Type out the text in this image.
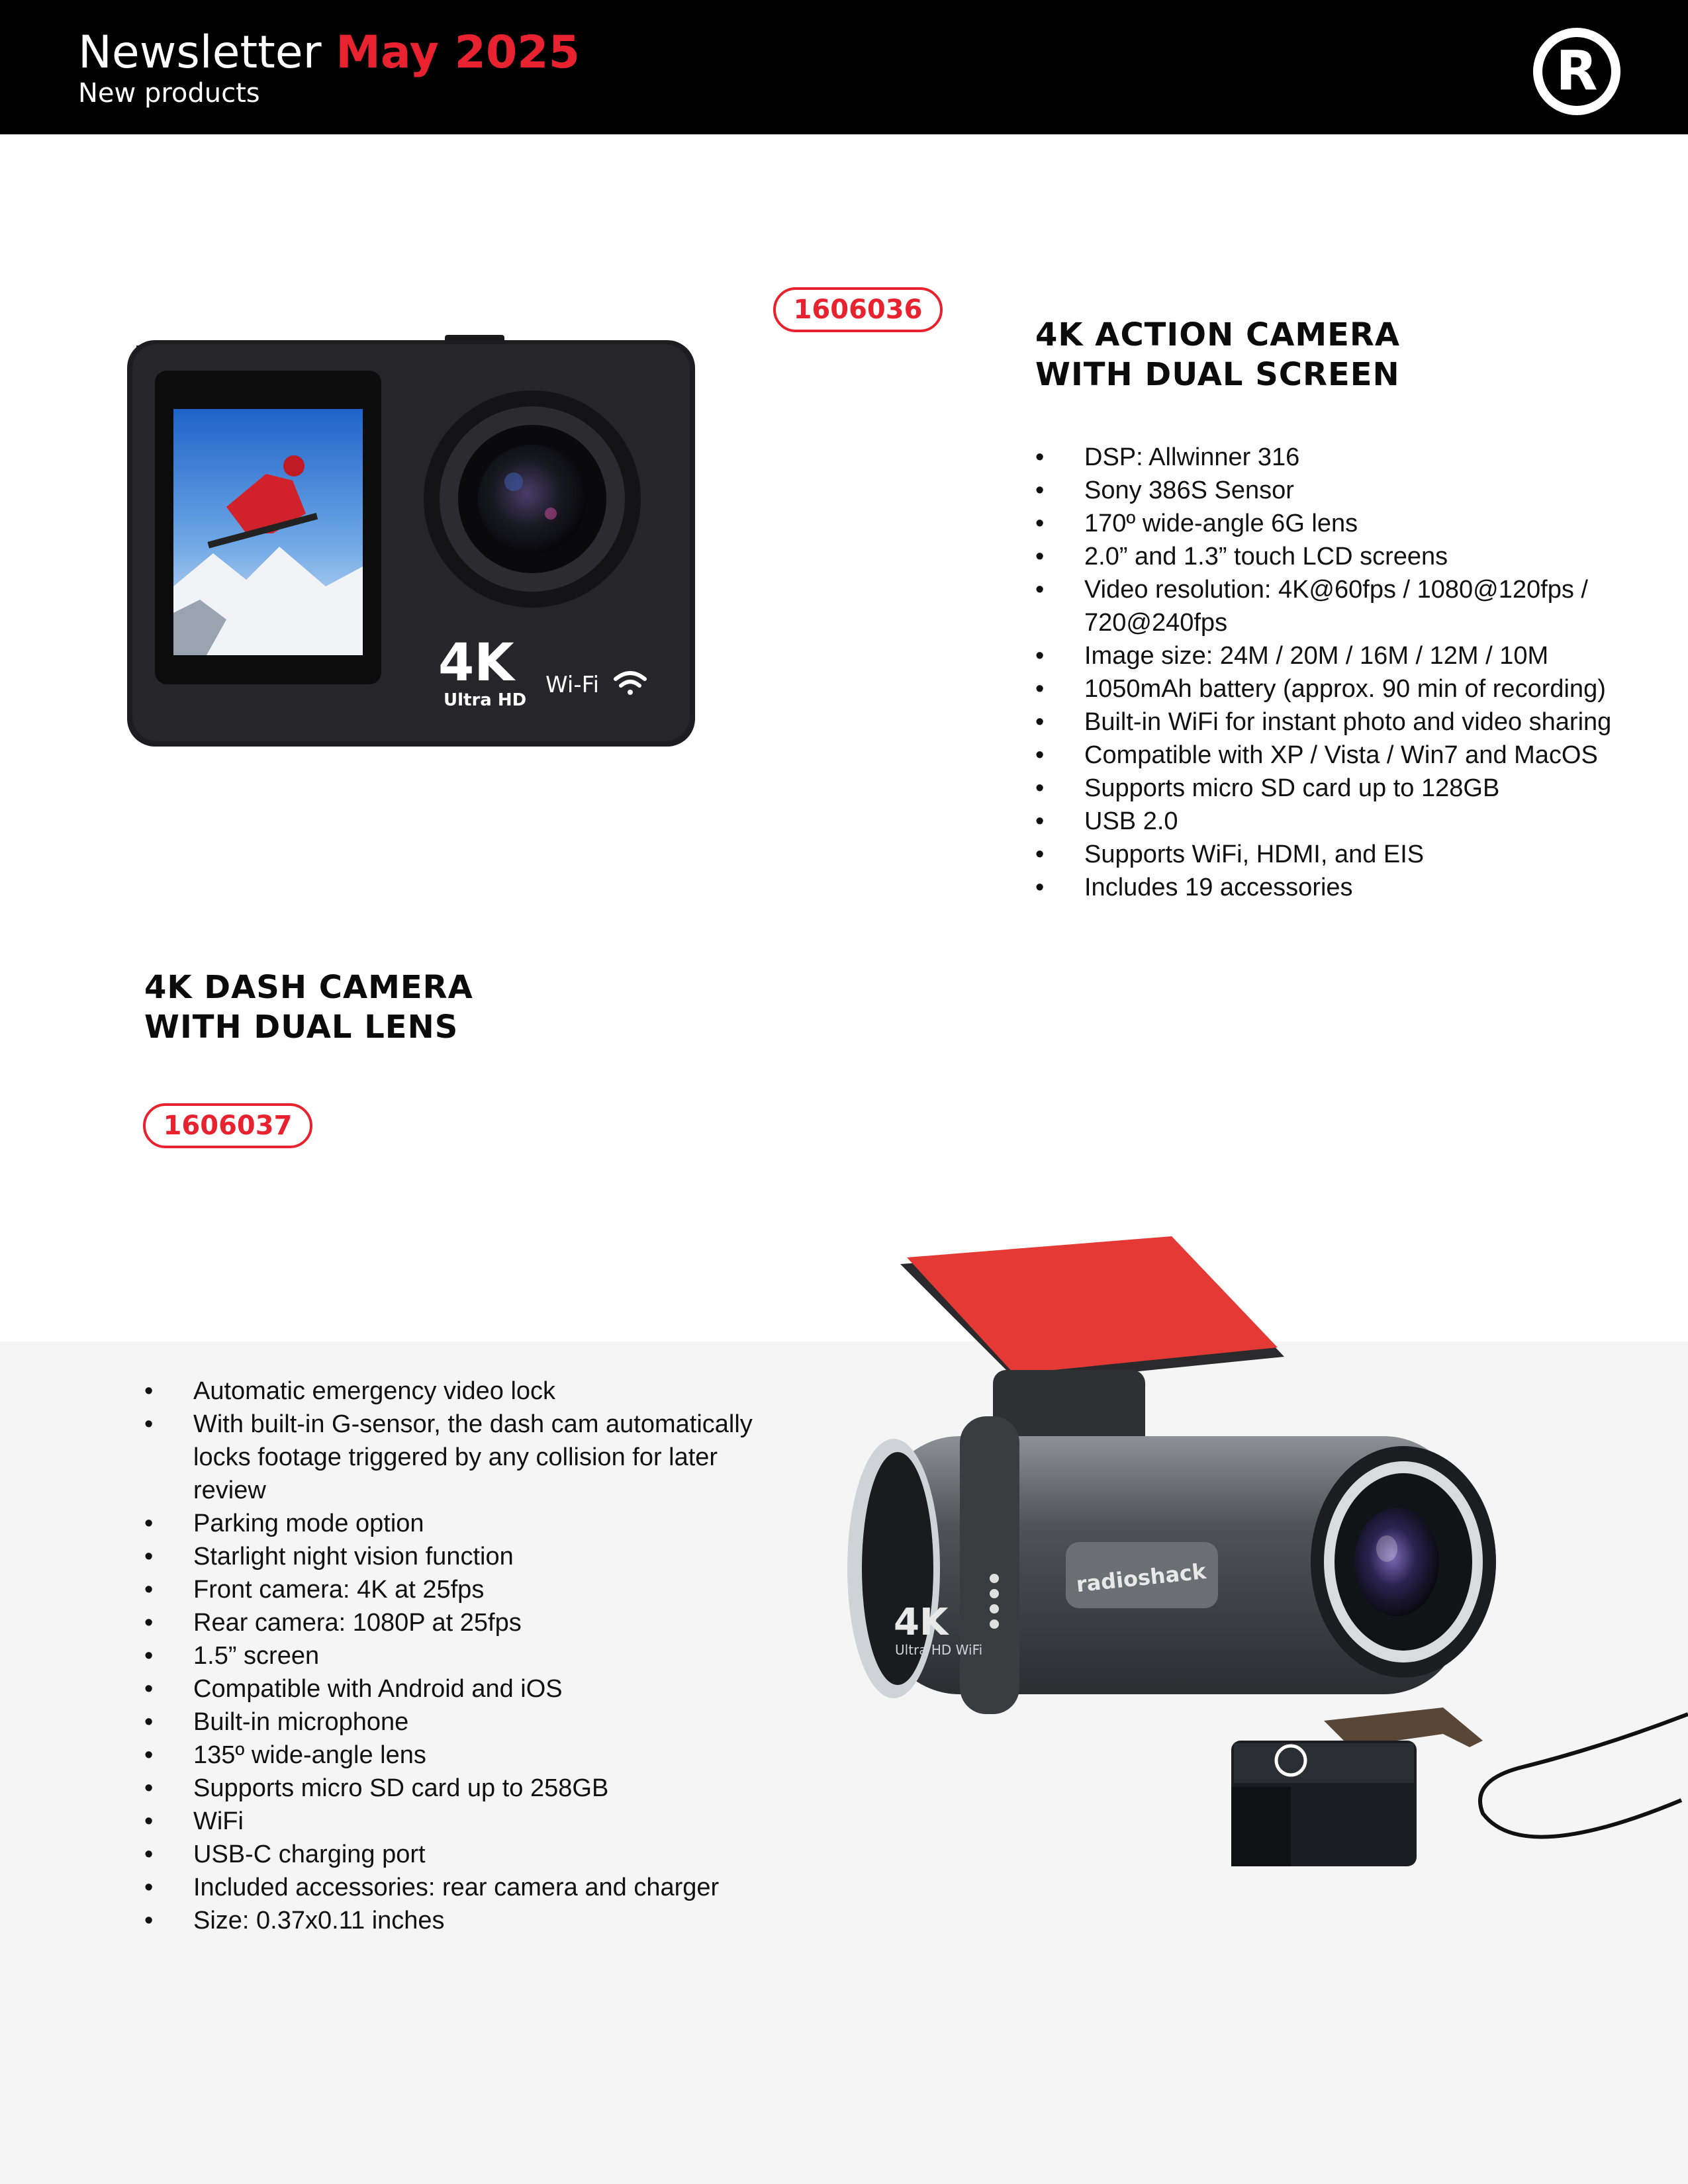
Newsletter May 2025
New products	R
1606036
4K ACTION CAMERA
WITH DUAL SCREEN
• DSP: Allwinner 316
• Sony 386S Sensor
• 170º wide-angle 6G lens
• 2.0” and 1.3” touch LCD screens
• Video resolution: 4K@60fps / 1080@120fps / 720@240fps
• Image size: 24M / 20M / 16M / 12M / 10M
• 1050mAh battery (approx. 90 min of recording)
• Built-in WiFi for instant photo and video sharing
• Compatible with XP / Vista / Win7 and MacOS
• Supports micro SD card up to 128GB
• USB 2.0
• Supports WiFi, HDMI, and EIS
• Includes 19 accessories
4K
Ultra HD
Wi-Fi
4K DASH CAMERA
WITH DUAL LENS
1606037
• Automatic emergency video lock
• With built-in G-sensor, the dash cam automatically locks footage triggered by any collision for later review
• Parking mode option
• Starlight night vision function
• Front camera: 4K at 25fps
• Rear camera: 1080P at 25fps
• 1.5” screen
• Compatible with Android and iOS
• Built-in microphone
• 135º wide-angle lens
• Supports micro SD card up to 258GB
• WiFi
• USB-C charging port
• Included accessories: rear camera and charger
• Size: 0.37x0.11 inches
radioshack
4K
Ultra HD WiFi
